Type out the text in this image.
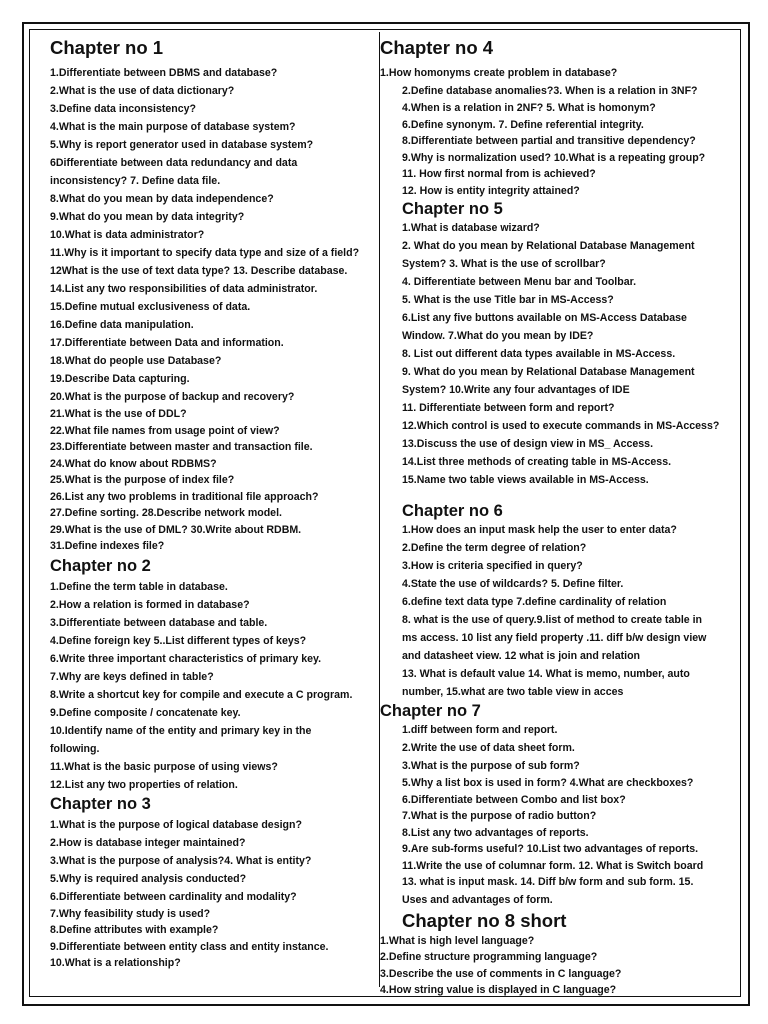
Chapter no 1
1.Differentiate between DBMS and database?
2.What is the use of data dictionary?
3.Define data inconsistency?
4.What is the main purpose of database system?
5.Why is report generator used in database system?
6Differentiate between data redundancy and data
inconsistency? 7. Define data file.
8.What do you mean by data independence?
9.What do you mean by data integrity?
10.What is data administrator?
11.Why is it important to specify data type and size of a field?
12What is the use of text data type? 13. Describe database.
14.List any two responsibilities of data administrator.
15.Define mutual exclusiveness of data.
16.Define data manipulation.
17.Differentiate between Data and information.
18.What do people use Database?
19.Describe Data capturing.
20.What is the purpose of backup and recovery?
21.What is the use of DDL?
22.What file names from usage point of view?
23.Differentiate between master and transaction file.
24.What do know about RDBMS?
25.What is the purpose of index file?
26.List any two problems in traditional file approach?
27.Define sorting. 28.Describe network model.
29.What is the use of DML? 30.Write about RDBM.
31.Define indexes file?
Chapter no 2
1.Define the term table in database.
2.How a relation is formed in database?
3.Differentiate between database and table.
4.Define foreign key 5..List different types of keys?
6.Write three important characteristics of primary key.
7.Why are keys defined in table?
8.Write a shortcut key for compile and execute a C program.
9.Define composite / concatenate key.
10.Identify name of the entity and primary key in the
following.
11.What is the basic purpose of using views?
12.List any two properties of relation.
Chapter no 3
1.What is the purpose of logical database design?
2.How is database integer maintained?
3.What is the purpose of analysis?4. What is entity?
5.Why is required analysis conducted?
6.Differentiate between cardinality and modality?
7.Why feasibility study is used?
8.Define attributes with example?
9.Differentiate between entity class and entity instance.
10.What is a relationship?
Chapter no 4
1.How homonyms create problem in database?
2.Define database anomalies?3. When is a relation in 3NF?
4.When is a relation in 2NF? 5. What is homonym?
6.Define synonym. 7. Define referential integrity.
8.Differentiate between partial and transitive dependency?
9.Why is normalization used? 10.What is a repeating group?
11. How first normal from is achieved?
12. How is entity integrity attained?
Chapter no 5
1.What is database wizard?
2. What do you mean by Relational Database Management
System? 3. What is the use of scrollbar?
4. Differentiate between Menu bar and Toolbar.
5. What is the use Title bar in MS-Access?
6.List any five buttons available on MS-Access Database
Window. 7.What do you mean by IDE?
8. List out different data types available in MS-Access.
9. What do you mean by Relational Database Management
System? 10.Write any four advantages of IDE
11. Differentiate between form and report?
12.Which control is used to execute commands in MS-Access?
13.Discuss the use of design view in MS_ Access.
14.List three methods of creating table in MS-Access.
15.Name two table views available in MS-Access.
Chapter no 6
1.How does an input mask help the user to enter data?
2.Define the term degree of relation?
3.How is criteria specified in query?
4.State the use of wildcards? 5. Define filter.
6.define text data type 7.define cardinality of relation
8. what is the use of query.9.list of method to create table in
ms access. 10 list any field property .11. diff b/w design view
and datasheet view. 12 what is join and relation
13. What is default value 14. What is memo, number, auto
number, 15.what are two table view in acces
Chapter no 7
1.diff between form and report.
2.Write the use of data sheet form.
3.What is the purpose of sub form?
5.Why a list box is used in form? 4.What are checkboxes?
6.Differentiate between Combo and list box?
7.What is the purpose of radio button?
8.List any two advantages of reports.
9.Are sub-forms useful? 10.List two advantages of reports.
11.Write the use of columnar form. 12. What is Switch board
13. what is input mask. 14. Diff b/w form and sub form. 15.
Uses and advantages of form.
Chapter no 8 short
1.What is high level language?
2.Define structure programming language?
3.Describe the use of comments in C language?
4.How string value is displayed in C language?
